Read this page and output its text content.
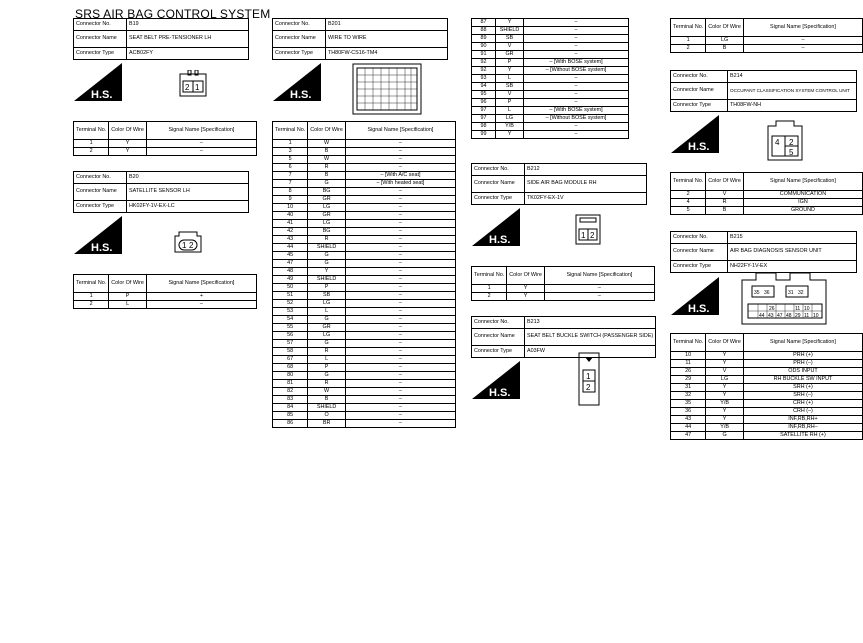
SRS AIR BAG CONTROL SYSTEM
Connector No.	B19
Connector Name	SEAT BELT PRE-TENSIONER LH
Connector Type	ACB02FY
H.S.
2 1
Terminal No.	Color Of Wire	Signal Name [Specification]
1	Y	–
2	Y	–
Connector No.	B20
Connector Name	SATELLITE SENSOR LH
Connector Type	HK02FY-1V-EX-LC
H.S.	1 2
Terminal No.	Color Of Wire	Signal Name [Specification]
1	P	+
2	L	–
Connector No.	B201
Connector Name	WIRE TO WIRE
Connector Type	TH80FW-CS16-TM4
H.S.
Terminal No.	Color Of Wire	Signal Name [Specification]
1	W	–
3	B	–
5	W	–
6	R	–
7	B	– [With A/C seat]
7	G	– [With heated seat]
8	BG	–
9	GR	–
10	LG	–
40	GR	–
41	LG	–
42	BG	–
43	R	–
44	SHIELD	–
45	G	–
47	G	–
48	Y	–
49	SHIELD	–
50	P	–
51	SB	–
52	LG	–
53	L	–
54	G	–
55	GR	–
56	LG	–
57	G	–
58	R	–
67	L	–
68	P	–
80	G	–
81	R	–
82	W	–
83	B	–
84	SHIELD	–
85	O	–
86	BR	–
87	Y	–
88	SHIELD	–
89	SB	–
90	V	–
91	GR	–
92	P	– [With BOSE system]
92	Y	– [Without BOSE system]
93	L	–
94	SB	–
95	V	–
96	P	–
97	L	– [With BOSE system]
97	LG	– [Without BOSE system]
98	Y/B	–
99	Y	–
Connector No.	B212
Connector Name	SIDE AIR BAG MODULE RH
Connector Type	TK02FY-EX-1V
H.S.	1 2
Terminal No.	Color Of Wire	Signal Name [Specification]
1	Y	–
2	Y	–
Connector No.	B213
Connector Name	SEAT BELT BUCKLE SWITCH (PASSENGER SIDE)
Connector Type	A03FW
H.S.
1
2
Terminal No.	Color Of Wire	Signal Name [Specification]
1	LG	–
2	B	–
Connector No.	B214
Connector Name	OCCUPANT CLASSIFICATION SYSTEM CONTROL UNIT
Connector Type	TH08FW-NH
H.S.	4 2
5
Terminal No.	Color Of Wire	Signal Name [Specification]
2	V	COMMUNICATION
4	R	IGN
5	B	GROUND
Connector No.	B215
Connector Name	AIR BAG DIAGNOSIS SENSOR UNIT
Connector Type	NH22FY-1V-EX
H.S.
35 36	31 32
26	11 10
44 43 47 48 29 11 10
Terminal No.	Color Of Wire	Signal Name [Specification]
10	Y	PRH (+)
11	Y	PRH (–)
26	V	ODS INPUT
29	LG	RH BUCKLE SW INPUT
31	Y	SRH (+)
32	Y	SRH (–)
35	Y/B	CRH (+)
36	Y	CRH (–)
43	Y	INF,RB,RH+
44	Y/B	INF,RB,RH–
47	G	SATELLITE RH (+)
